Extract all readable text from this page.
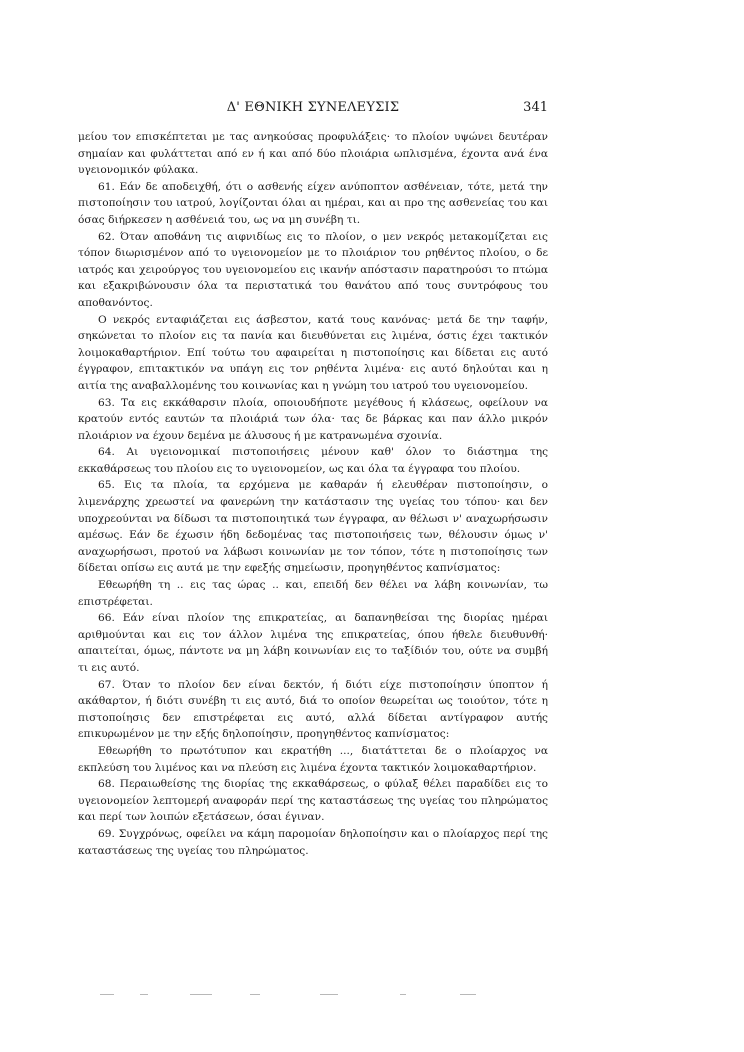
Δ' ΕΘΝΙΚΗ ΣΥΝΕΛΕΥΣΙΣ	341

μείου τον επισκέπτεται με τας ανηκούσας προφυλάξεις· το πλοίον υψώνει δευτέραν σημαίαν και φυλάττεται από εν ή και από δύο πλοιάρια ωπλισμένα, έχοντα ανά ένα υγειονομικόν φύλακα.

61. Εάν δε αποδειχθή, ότι ο ασθενής είχεν ανύποπτον ασθένειαν, τότε, μετά την πιστοποίησιν του ιατρού, λογίζονται όλαι αι ημέραι, και αι προ της ασθενείας του και όσας διήρκεσεν η ασθένειά του, ως να μη συνέβη τι.

62. Όταν αποθάνη τις αιφνιδίως εις το πλοίον, ο μεν νεκρός μετακομίζεται εις τόπον διωρισμένον από το υγειονομείον με το πλοιάριον του ρηθέντος πλοίου, ο δε ιατρός και χειρούργος του υγειονομείου εις ικανήν απόστασιν παρατηρούσι το πτώμα και εξακριβώνουσιν όλα τα περιστατικά του θανάτου από τους συντρόφους του αποθανόντος.

Ο νεκρός ενταφιάζεται εις άσβεστον, κατά τους κανόνας· μετά δε την ταφήν, σηκώνεται το πλοίον εις τα πανία και διευθύνεται εις λιμένα, όστις έχει τακτικόν λοιμοκαθαρτήριον. Επί τούτω του αφαιρείται η πιστοποίησις και δίδεται εις αυτό έγγραφον, επιτακτικόν να υπάγη εις τον ρηθέντα λιμένα· εις αυτό δηλούται και η αιτία της αναβαλλομένης του κοινωνίας και η γνώμη του ιατρού του υγειονομείου.

63. Τα εις εκκάθαρσιν πλοία, οποιουδήποτε μεγέθους ή κλάσεως, οφείλουν να κρατούν εντός εαυτών τα πλοιάριά των όλα· τας δε βάρκας και παν άλλο μικρόν πλοιάριον να έχουν δεμένα με άλυσους ή με κατρανωμένα σχοινία.

64. Αι υγειονομικαί πιστοποιήσεις μένουν καθ' όλον το διάστημα της εκκαθάρσεως του πλοίου εις το υγειονομείον, ως και όλα τα έγγραφα του πλοίου.

65. Εις τα πλοία, τα ερχόμενα με καθαράν ή ελευθέραν πιστοποίησιν, ο λιμενάρχης χρεωστεί να φανερώνη την κατάστασιν της υγείας του τόπου· και δεν υποχρεούνται να δίδωσι τα πιστοποιητικά των έγγραφα, αν θέλωσι ν' αναχωρήσωσιν αμέσως. Εάν δε έχωσιν ήδη δεδομένας τας πιστοποιήσεις των, θέλουσιν όμως ν' αναχωρήσωσι, προτού να λάβωσι κοινωνίαν με τον τόπον, τότε η πιστοποίησις των δίδεται οπίσω εις αυτά με την εφεξής σημείωσιν, προηγηθέντος καπνίσματος:

Εθεωρήθη τη .. εις τας ώρας .. και, επειδή δεν θέλει να λάβη κοινωνίαν, τω επιστρέφεται.

66. Εάν είναι πλοίον της επικρατείας, αι δαπανηθείσαι της διορίας ημέραι αριθμούνται και εις τον άλλον λιμένα της επικρατείας, όπου ήθελε διευθυνθή· απαιτείται, όμως, πάντοτε να μη λάβη κοινωνίαν εις το ταξίδιόν του, ούτε να συμβή τι εις αυτό.

67. Όταν το πλοίον δεν είναι δεκτόν, ή διότι είχε πιστοποίησιν ύποπτον ή ακάθαρτον, ή διότι συνέβη τι εις αυτό, διά το οποίον θεωρείται ως τοιούτον, τότε η πιστοποίησις δεν επιστρέφεται εις αυτό, αλλά δίδεται αντίγραφον αυτής επικυρωμένον με την εξής δηλοποίησιν, προηγηθέντος καπνίσματος:

Εθεωρήθη το πρωτότυπον και εκρατήθη ..., διατάττεται δε ο πλοίαρχος να εκπλεύση του λιμένος και να πλεύση εις λιμένα έχοντα τακτικόν λοιμοκαθαρτήριον.

68. Περαιωθείσης της διορίας της εκκαθάρσεως, ο φύλαξ θέλει παραδίδει εις το υγειονομείον λεπτομερή αναφοράν περί της καταστάσεως της υγείας του πληρώματος και περί των λοιπών εξετάσεων, όσαι έγιναν.

69. Συγχρόνως, οφείλει να κάμη παρομοίαν δηλοποίησιν και ο πλοίαρχος περί της καταστάσεως της υγείας του πληρώματος.
